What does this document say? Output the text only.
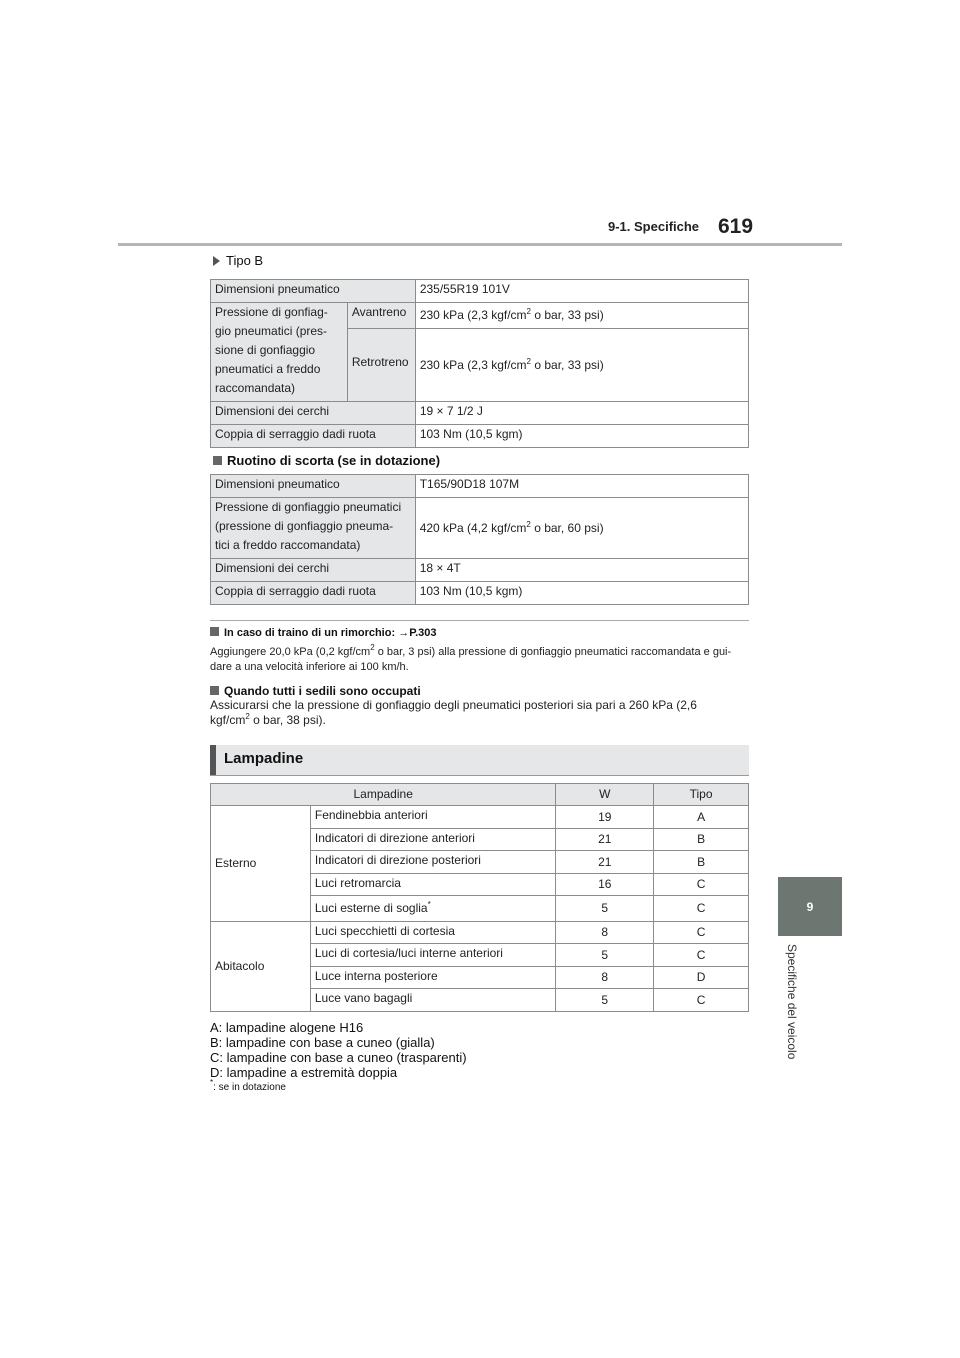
9-1. Specifiche 619
9
Specifiche del veicolo
Tipo B
Dimensioni pneumatico		235/55R19 101V

Pressione di gonfiag-
gio pneumatici (pres-
sione di gonfiaggio
pneumatici a freddo
raccomandata)	Avantreno	230 kPa (2,3 kgf/$cm^2$ o bar, 33 psi)
	Retrotreno	230 kPa (2,3 kgf/$cm^2$ o bar, 33 psi)
Dimensioni dei cerchi		19 × 7 1/2 J
Coppia di serraggio dadi ruota		103 Nm (10,5 kgm)
Ruotino di scorta (se in dotazione)
Dimensioni pneumatico	T165/90D18 107M

Pressione di gonfiaggio pneumatici
(pressione di gonfiaggio pneuma-
tici a freddo raccomandata)	420 kPa (4,2 kgf/$cm^2$ o bar, 60 psi)
Dimensioni dei cerchi	18 × 4T
Coppia di serraggio dadi ruota	103 Nm (10,5 kgm)
In caso di traino di un rimorchio: →P.303
Aggiungere 20,0 kPa (0,2 kgf/$cm^2$ o bar, 3 psi) alla pressione di gonfiaggio pneumatici raccomandata e gui-
dare a una velocità inferiore ai 100 km/h.
Quando tutti i sedili sono occupati
Assicurarsi che la pressione di gonfiaggio degli pneumatici posteriori sia pari a 260 kPa (2,6
kgf/$cm^2$ o bar, 38 psi).
Lampadine
Lampadine		W	Tipo
Esterno	Fendinebbia anteriori	19	A
	Indicatori di direzione anteriori	21	B
	Indicatori di direzione posteriori	21	B
	Luci retromarcia	16	C
	Luci esterne di soglia*	5	C
Abitacolo	Luci specchietti di cortesia	8	C
	Luci di cortesia/luci interne anteriori	5	C
	Luce interna posteriore	8	D
	Luce vano bagagli	5	C
A: lampadine alogene H16
B: lampadine con base a cuneo (gialla)
C: lampadine con base a cuneo (trasparenti)
D: lampadine a estremità doppia
*: se in dotazione
